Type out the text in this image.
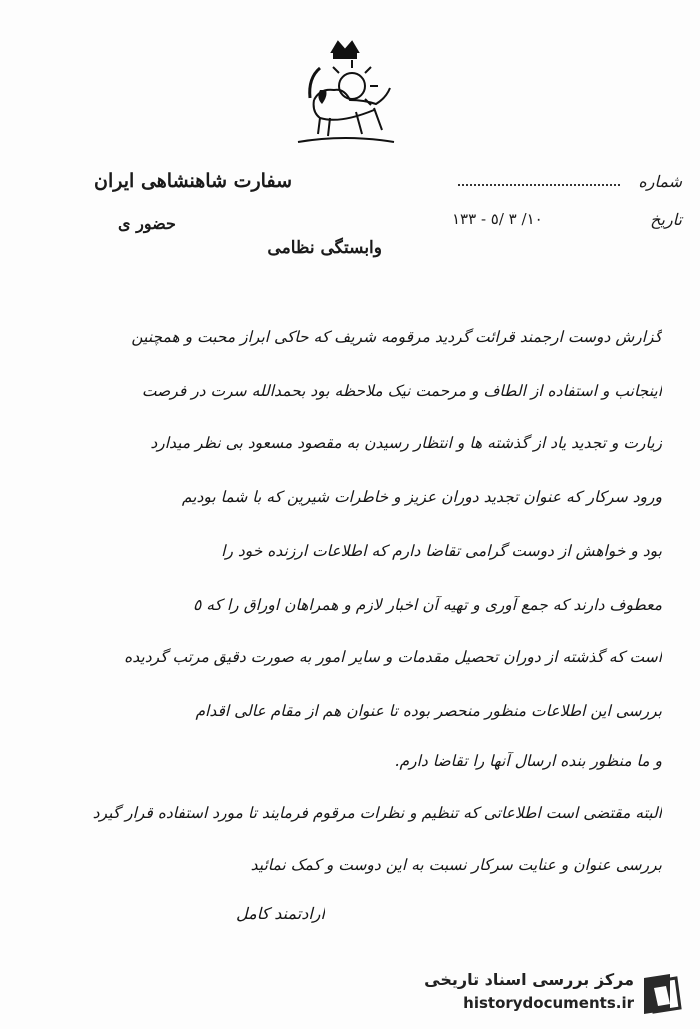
سفارت شاهنشاهی ایران
وابستگی نظامی
حضور ی
شماره
تاریخ
١٠/ ٣ /٥ - ١٣٣
گزارش دوست ارجمند قرائت گردید مرقومه شریف که حاکی ابراز محبت و همچنین
اینجانب و استفاده از الطاف و مرحمت نیک ملاحظه بود بحمدالله سرت در فرصت
زیارت و تجدید یاد از گذشته ها و انتظار رسیدن به مقصود مسعود بی نظر میدارد
ورود سرکار که عنوان تجدید دوران عزیز و خاطرات شیرین که با شما بودیم
بود و خواهش از دوست گرامی تقاضا دارم که اطلاعات ارزنده خود را
معطوف دارند که جمع آوری و تهیه آن اخبار لازم و همراهان اوراق را که ٥
است که گذشته از دوران تحصیل مقدمات و سایر امور به صورت دقیق مرتب گردیده
بررسی این اطلاعات منظور منحصر بوده تا عنوان هم از مقام عالی اقدام
و ما منظور بنده ارسال آنها را تقاضا دارم.
البته مقتضی است اطلاعاتی که تنظیم و نظرات مرقوم فرمایند تا مورد استفاده قرار گیرد
بررسی عنوان و عنایت سرکار نسبت به این دوست و کمک نمائید
ارادتمند کامل
مرکز بررسی اسناد تاریخی
historydocuments.ir
